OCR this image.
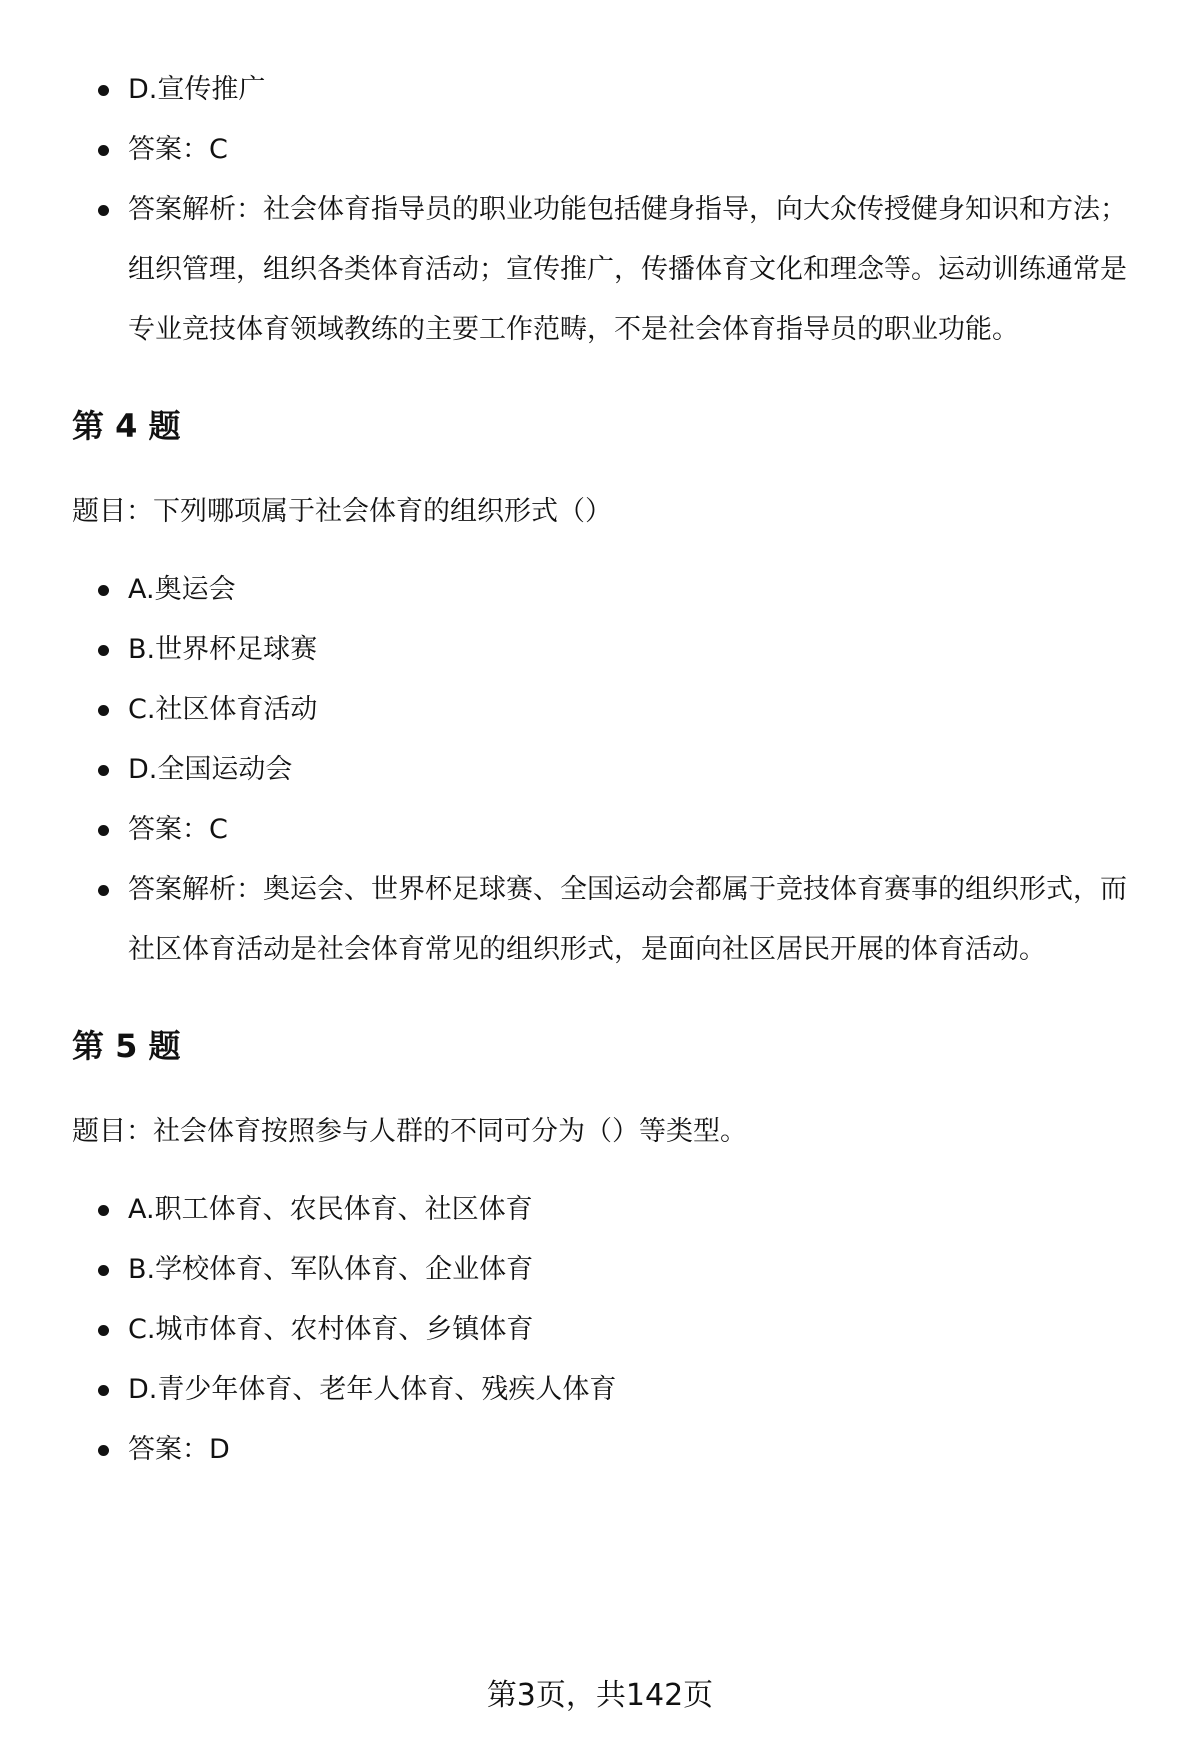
D.宣传推广
答案：C
答案解析：社会体育指导员的职业功能包括健身指导，向大众传授健身知识和方法；组织管理，组织各类体育活动；宣传推广，传播体育文化和理念等。运动训练通常是专业竞技体育领域教练的主要工作范畴，不是社会体育指导员的职业功能。
第 4 题

题目：下列哪项属于社会体育的组织形式（）

A.奥运会
B.世界杯足球赛
C.社区体育活动
D.全国运动会
答案：C
答案解析：奥运会、世界杯足球赛、全国运动会都属于竞技体育赛事的组织形式，而社区体育活动是社会体育常见的组织形式，是面向社区居民开展的体育活动。
第 5 题

题目：社会体育按照参与人群的不同可分为（）等类型。

A.职工体育、农民体育、社区体育
B.学校体育、军队体育、企业体育
C.城市体育、农村体育、乡镇体育
D.青少年体育、老年人体育、残疾人体育
答案：D
第3页，共142页
